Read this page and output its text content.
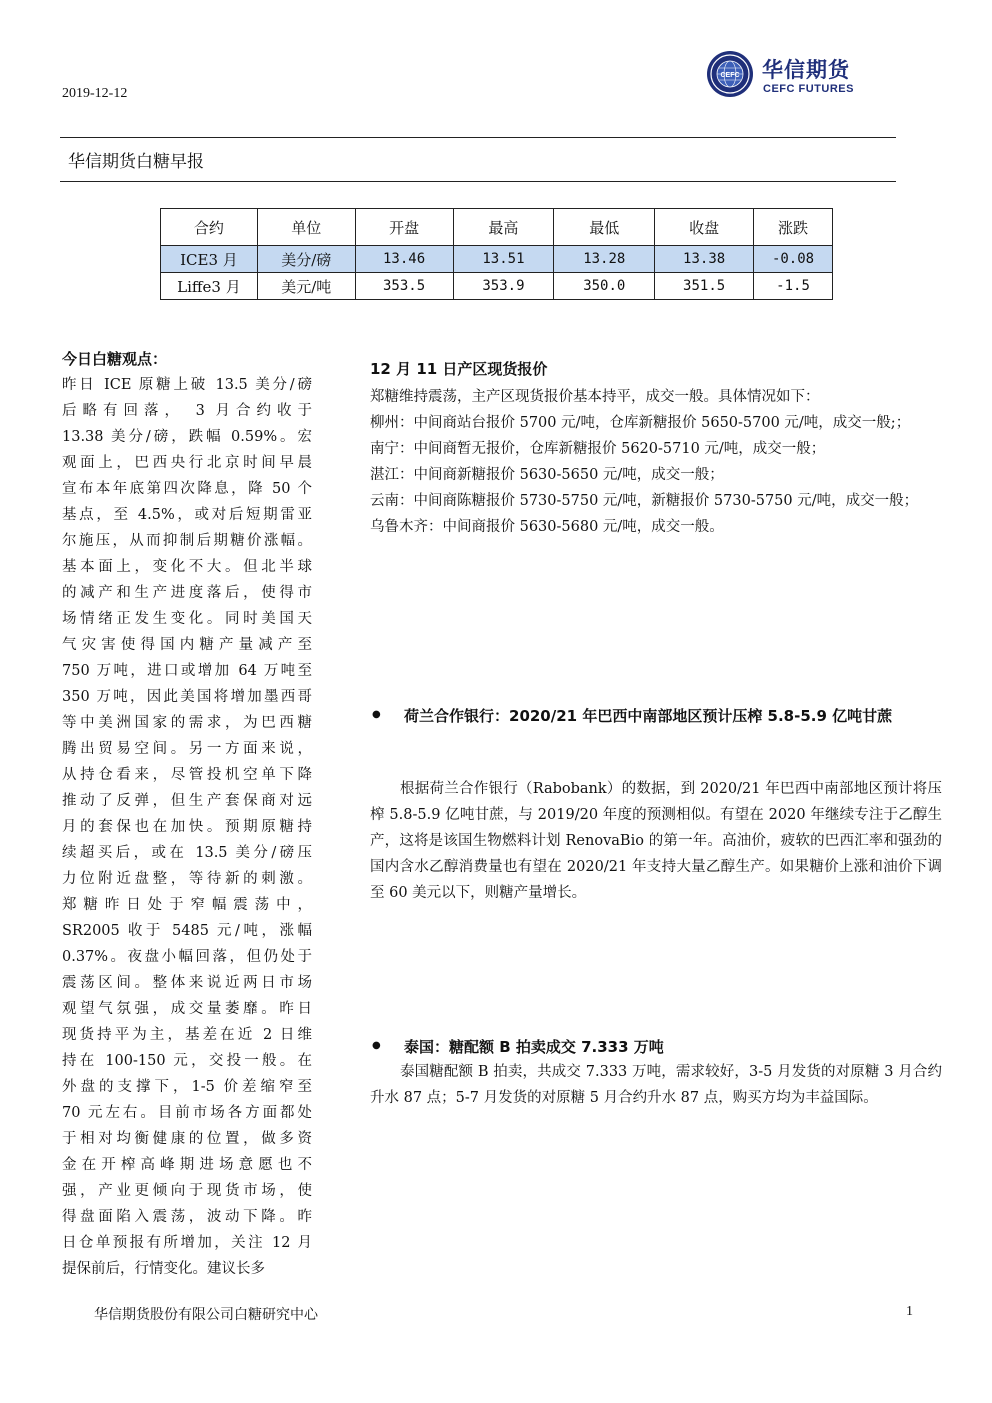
2019-12-12
CEFC 华信期货
CEFC FUTURES
华信期货白糖早报
合约	单位	开盘	最高	最低	收盘	涨跌
ICE3 月	美分/磅	13.46	13.51	13.28	13.38	-0.08
Liffe3 月	美元/吨	353.5	353.9	350.0	351.5	-1.5
今日白糖观点：
昨日 ICE 原糖上破 13.5 美分/磅
后略有回落， 3 月合约收于
13.38 美分/磅，跌幅 0.59%。宏
观面上，巴西央行北京时间早晨
宣布本年底第四次降息，降 50 个
基点，至 4.5%，或对后短期雷亚
尔施压，从而抑制后期糖价涨幅。
基本面上，变化不大。但北半球
的减产和生产进度落后，使得市
场情绪正发生变化。同时美国天
气灾害使得国内糖产量减产至
750 万吨，进口或增加 64 万吨至
350 万吨，因此美国将增加墨西哥
等中美洲国家的需求，为巴西糖
腾出贸易空间。另一方面来说，
从持仓看来，尽管投机空单下降
推动了反弹，但生产套保商对远
月的套保也在加快。预期原糖持
续超买后，或在 13.5 美分/磅压
力位附近盘整，等待新的刺激。
郑糖昨日处于窄幅震荡中，
SR2005 收于 5485 元/吨，涨幅
0.37%。夜盘小幅回落，但仍处于
震荡区间。整体来说近两日市场
观望气氛强，成交量萎靡。昨日
现货持平为主，基差在近 2 日维
持在 100-150 元，交投一般。在
外盘的支撑下，1-5 价差缩窄至
70 元左右。目前市场各方面都处
于相对均衡健康的位置，做多资
金在开榨高峰期进场意愿也不
强，产业更倾向于现货市场，使
得盘面陷入震荡，波动下降。昨
日仓单预报有所增加，关注 12 月
提保前后，行情变化。建议长多
12 月 11 日产区现货报价
郑糖维持震荡，主产区现货报价基本持平，成交一般。具体情况如下：
柳州：中间商站台报价 5700 元/吨，仓库新糖报价 5650-5700 元/吨，成交一般;；
南宁：中间商暂无报价，仓库新糖报价 5620-5710 元/吨，成交一般；
湛江：中间商新糖报价 5630-5650 元/吨，成交一般；
云南：中间商陈糖报价 5730-5750 元/吨，新糖报价 5730-5750 元/吨，成交一般；
乌鲁木齐：中间商报价 5630-5680 元/吨，成交一般。
● 荷兰合作银行：2020/21 年巴西中南部地区预计压榨 5.8-5.9 亿吨甘蔗
根据荷兰合作银行（Rabobank）的数据，到 2020/21 年巴西中南部地区预计将压榨 5.8-5.9 亿吨甘蔗，与 2019/20 年度的预测相似。有望在 2020 年继续专注于乙醇生产，这将是该国生物燃料计划 RenovaBio 的第一年。高油价，疲软的巴西汇率和强劲的国内含水乙醇消费量也有望在 2020/21 年支持大量乙醇生产。如果糖价上涨和油价下调至 60 美元以下，则糖产量增长。
● 泰国：糖配额 B 拍卖成交 7.333 万吨
泰国糖配额 B 拍卖，共成交 7.333 万吨，需求较好，3-5 月发货的对原糖 3 月合约升水 87 点；5-7 月发货的对原糖 5 月合约升水 87 点，购买方均为丰益国际。
华信期货股份有限公司白糖研究中心	1
